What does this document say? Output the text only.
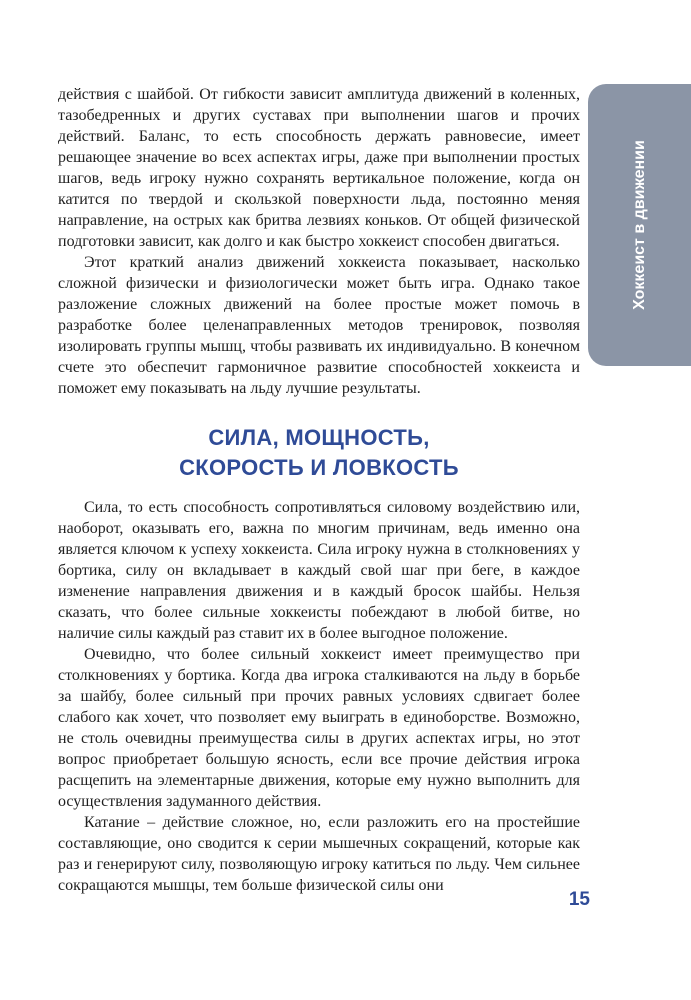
Хоккеист в движении

действия с шайбой. От гибкости зависит амплитуда движений в коленных, тазобедренных и других суставах при выполнении шагов и прочих действий. Баланс, то есть способность держать равновесие, имеет решающее значение во всех аспектах игры, даже при выполнении простых шагов, ведь игроку нужно сохранять вертикальное положение, когда он катится по твердой и скользкой поверхности льда, постоянно меняя направление, на острых как бритва лезвиях коньков. От общей физической подготовки зависит, как долго и как быстро хоккеист способен двигаться.

Этот краткий анализ движений хоккеиста показывает, насколько сложной физически и физиологически может быть игра. Однако такое разложение сложных движений на более простые может помочь в разработке более целенаправленных методов тренировок, позволяя изолировать группы мышц, чтобы развивать их индивидуально. В конечном счете это обеспечит гармоничное развитие способностей хоккеиста и поможет ему показывать на льду лучшие результаты.

СИЛА, МОЩНОСТЬ,
СКОРОСТЬ И ЛОВКОСТЬ

Сила, то есть способность сопротивляться силовому воздействию или, наоборот, оказывать его, важна по многим причинам, ведь именно она является ключом к успеху хоккеиста. Сила игроку нужна в столкновениях у бортика, силу он вкладывает в каждый свой шаг при беге, в каждое изменение направления движения и в каждый бросок шайбы. Нельзя сказать, что более сильные хоккеисты побеждают в любой битве, но наличие силы каждый раз ставит их в более выгодное положение.

Очевидно, что более сильный хоккеист имеет преимущество при столкновениях у бортика. Когда два игрока сталкиваются на льду в борьбе за шайбу, более сильный при прочих равных условиях сдвигает более слабого как хочет, что позволяет ему выиграть в единоборстве. Возможно, не столь очевидны преимущества силы в других аспектах игры, но этот вопрос приобретает большую ясность, если все прочие действия игрока расщепить на элементарные движения, которые ему нужно выполнить для осуществления задуманного действия.

Катание – действие сложное, но, если разложить его на простейшие составляющие, оно сводится к серии мышечных сокращений, которые как раз и генерируют силу, позволяющую игроку катиться по льду. Чем сильнее сокращаются мышцы, тем больше физической силы они

15
